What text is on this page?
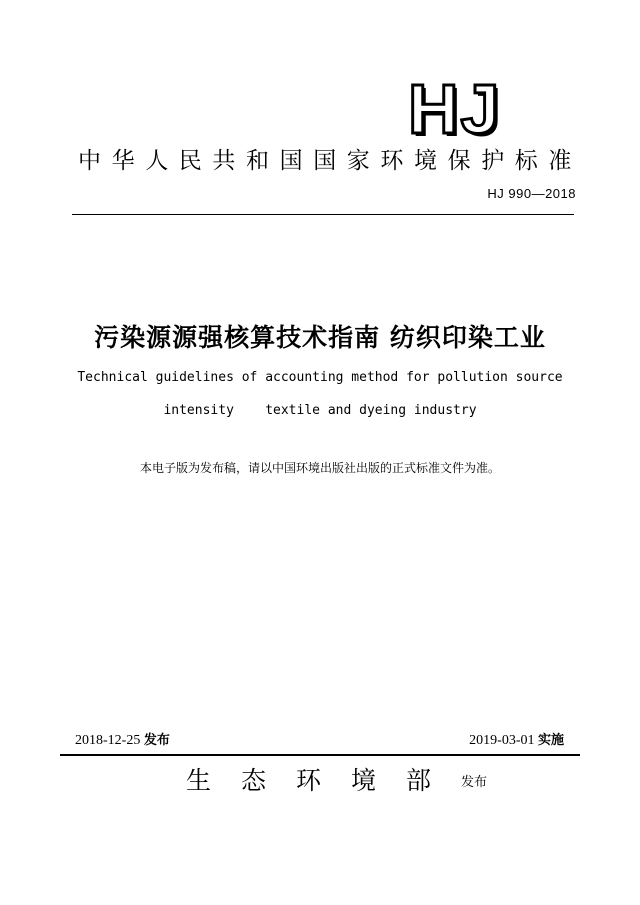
HJ
中华人民共和国国家环境保护标准
HJ 990—2018
污染源源强核算技术指南 纺织印染工业
Technical guidelines of accounting method for pollution source
intensity    textile and dyeing industry
本电子版为发布稿，请以中国环境出版社出版的正式标准文件为准。
2018-12-25 发布	2019-03-01 实施
生态环境部 发布
